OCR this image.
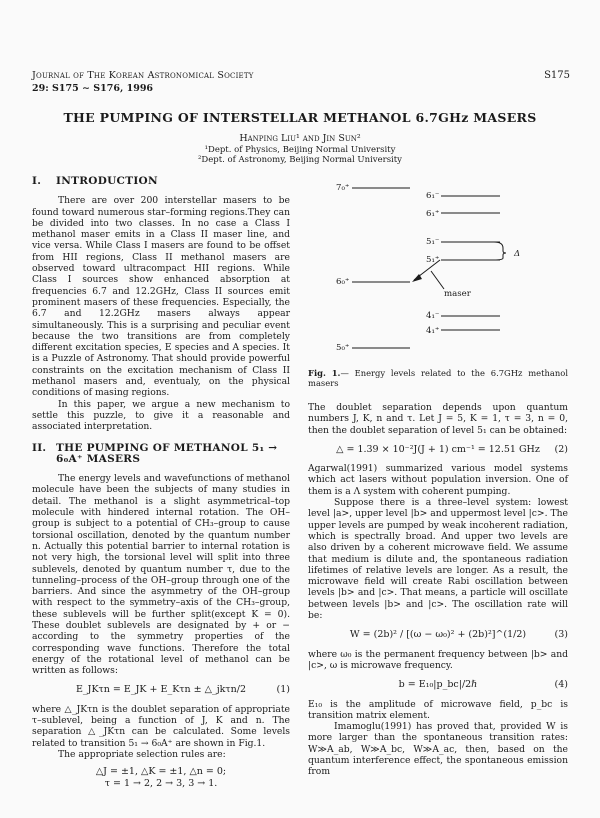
Journal of The Korean Astronomical Society	S175
29: S175 ∼ S176, 1996
THE PUMPING OF INTERSTELLAR METHANOL 6.7GHz MASERS
Hanping Liu¹ and Jin Sun²
¹Dept. of Physics, Beijing Normal University
²Dept. of Astronomy, Beijing Normal University
I. INTRODUCTION

There are over 200 interstellar masers to be found toward numerous star–forming regions.They can be divided into two classes. In no case a Class I methanol maser emits in a Class II maser line, and vice versa. While Class I masers are found to be offset from HII regions, Class II methanol masers are observed toward ultracompact HII regions. While Class I sources show enhanced absorption at frequencies 6.7 and 12.2GHz, Class II sources emit prominent masers of these frequencies. Especially, the 6.7 and 12.2GHz masers always appear simultaneously. This is a surprising and peculiar event because the two transitions are from completely different excitation species, E species and A species. It is a Puzzle of Astronomy. That should provide powerful constraints on the excitation mechanism of Class II methanol masers and, eventualy, on the physical conditions of masing regions.

In this paper, we argue a new mechanism to settle this puzzle, to give it a reasonable and associated interpretation.

II. THE PUMPING OF METHANOL 5₁ →
6₀A⁺ MASERS

The energy levels and wavefunctions of methanol molecule have been the subjects of many studies in detail. The methanol is a slight asymmetrical–top molecule with hindered internal rotation. The OH–group is subject to a potential of CH₃–group to cause torsional oscillation, denoted by the quantum number n. Actually this potential barrier to internal rotation is not very high, the torsional level will split into three sublevels, denoted by quantum number τ, due to the tunneling–process of the OH–group through one of the barriers. And since the asymmetry of the OH–group with respect to the symmetry–axis of the CH₃–group, these sublevels will be further split(except K = 0). These doublet sublevels are designated by + or − according to the symmetry properties of the corresponding wave functions. Therefore the total energy of the rotational level of methanol can be written as follows:

E_JKτn = E_JK + E_Kτn ± △_jkτn/2	(1)

where △_JKτn is the doublet separation of appropriate τ–sublevel, being a function of J, K and n. The separation △_JKτn can be calculated. Some levels related to transition 5₁ → 6₀A⁺ are shown in Fig.1.

The appropriate selection rules are:

△J = ±1, △K = ±1, △n = 0;
τ = 1 → 2, 2 → 3, 3 → 1.
7₀⁺
6₁⁻
6₁⁺
5₁⁻
5₁⁺
6₀⁺
4₁⁻
4₁⁺
5₀⁺
Δ
maser
Fig. 1.— Energy levels related to the 6.7GHz methanol masers

The doublet separation depends upon quantum numbers J, K, n and τ. Let J = 5, K = 1, τ = 3, n = 0, then the doublet separation of level 5₁ can be obtained:

△ = 1.39 × 10⁻²J(J + 1) cm⁻¹ = 12.51 GHz (2)

Agarwal(1991) summarized various model systems which act lasers without population inversion. One of them is a Λ system with coherent pumping.

Suppose there is a three–level system: lowest level |a>, upper level |b> and uppermost level |c>. The upper levels are pumped by weak incoherent radiation, which is spectrally broad. And upper two levels are also driven by a coherent microwave field. We assume that medium is dilute and, the spontaneous radiation lifetimes of relative levels are longer. As a result, the microwave field will create Rabi oscillation between levels |b> and |c>. That means, a particle will oscillate between levels |b> and |c>. The oscillation rate will be:

W = (2b)² / [(ω − ω₀)² + (2b)²]^(1/2)	(3)

where ω₀ is the permanent frequency between |b> and |c>, ω is microwave frequency.

b = E₁₀|p_bc|/2ℏ	(4)

E₁₀ is the amplitude of microwave field, p_bc is transition matrix element.

Imamoglu(1991) has proved that, provided W is more larger than the spontaneous transition rates: W≫A_ab, W≫A_bc, W≫A_ac, then, based on the quantum interference effect, the spontaneous emission from
